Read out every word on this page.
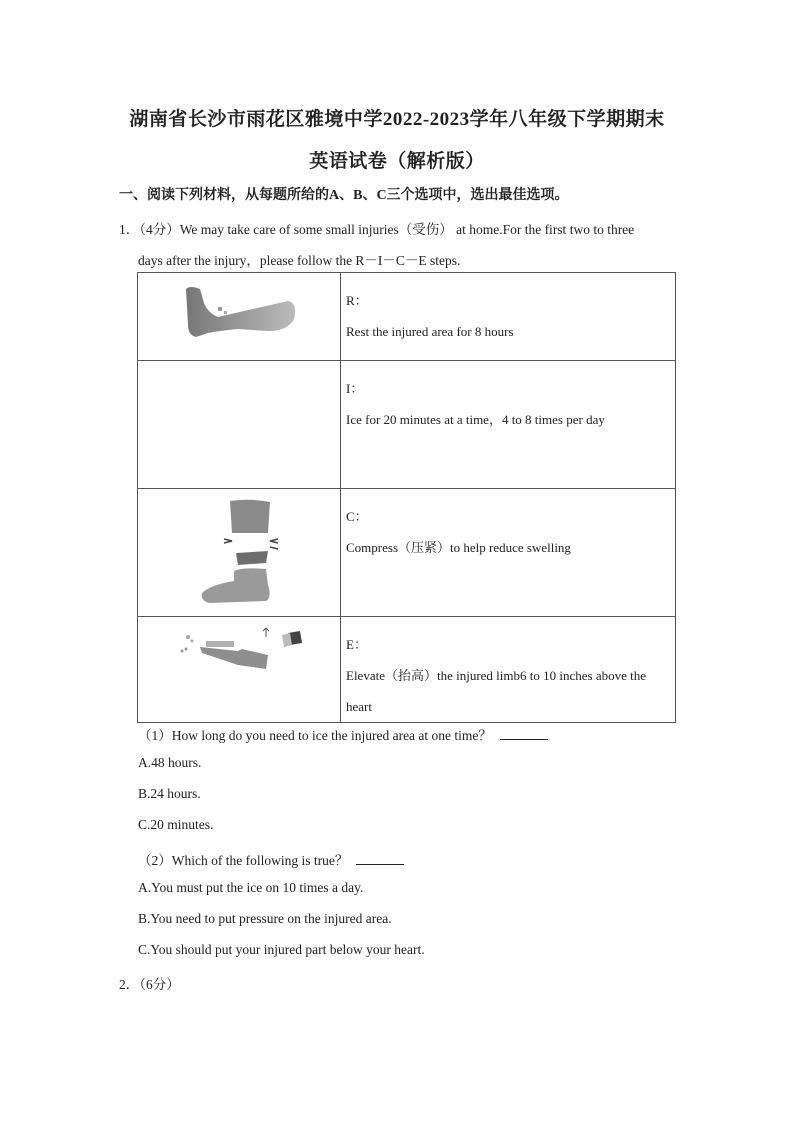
湖南省长沙市雨花区雅境中学2022-2023学年八年级下学期期末
英语试卷（解析版）
一、阅读下列材料，从每题所给的A、B、C三个选项中，选出最佳选项。
1．（4分）We may take care of some small injuries（受伤） at home.For the first two to three
days after the injury，please follow the R－I－C－E steps.

R：
Rest the injured area for 8 hours

	I：
Ice for 20 minutes at a time，4 to 8 times per day

C：
Compress（压紧）to help reduce swelling

E：
Elevate（抬高）the injured limb6 to 10 inches above the heart
（1）How long do you need to ice the injured area at one time？
A.48 hours.
B.24 hours.
C.20 minutes.
（2）Which of the following is true？
A.You must put the ice on 10 times a day.
B.You need to put pressure on the injured area.
C.You should put your injured part below your heart.
2．（6分）
